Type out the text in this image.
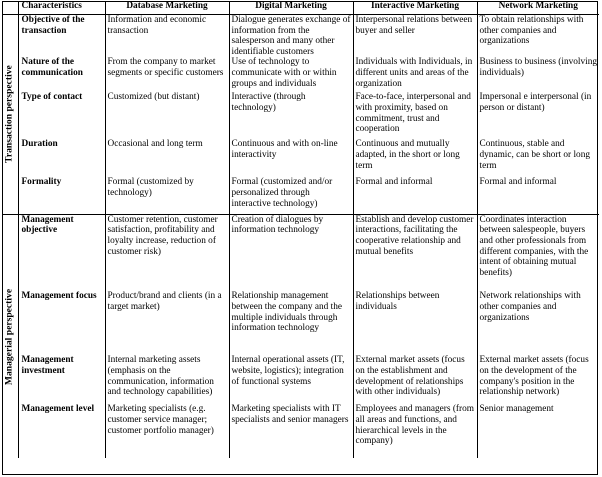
	Characteristics	Database Marketing	Digital Marketing	Interactive Marketing	Network Marketing

Transaction perspective	Objective of the transaction	Information and economic transaction	Dialogue generates exchange of information from the salesperson and many other identifiable customers	Interpersonal relations between buyer and seller	To obtain relationships with other companies and organizations
	Nature of the communication	From the company to market segments or specific customers	Use of technology to communicate with or within groups and individuals	Individuals with Individuals, in different units and areas of the organization	Business to business (involving individuals)
	Type of contact	Customized (but distant)	Interactive (through technology)	Face-to-face, interpersonal and with proximity, based on commitment, trust and cooperation	Impersonal e interpersonal (in person or distant)
	Duration	Occasional and long term	Continuous and with on-line interactivity	Continuous and mutually adapted, in the short or long term	Continuous, stable and dynamic, can be short or long term
	Formality	Formal (customized by technology)	Formal (customized and/or personalized through interactive technology)	Formal and informal	Formal and informal

Managerial perspective	Management objective	Customer retention, customer satisfaction, profitability and loyalty increase, reduction of customer risk)	Creation of dialogues by information technology	Establish and develop customer interactions, facilitating the cooperative relationship and mutual benefits	Coordinates interaction between salespeople, buyers and other professionals from different companies, with the intent of obtaining mutual benefits)
	Management focus	Product/brand and clients (in a target market)	Relationship management between the company and the multiple individuals through information technology	Relationships between individuals	Network relationships with other companies and organizations
	Management investment	Internal marketing assets (emphasis on the communication, information and technology capabilities)	Internal operational assets (IT, website, logistics); integration of functional systems	External market assets (focus on the establishment and development of relationships with other individuals)	External market assets (focus on the development of the company's position in the relationship network)
	Management level	Marketing specialists (e.g. customer service manager; customer portfolio manager)	Marketing specialists with IT specialists and senior managers	Employees and managers (from all areas and functions, and hierarchical levels in the company)	Senior management
